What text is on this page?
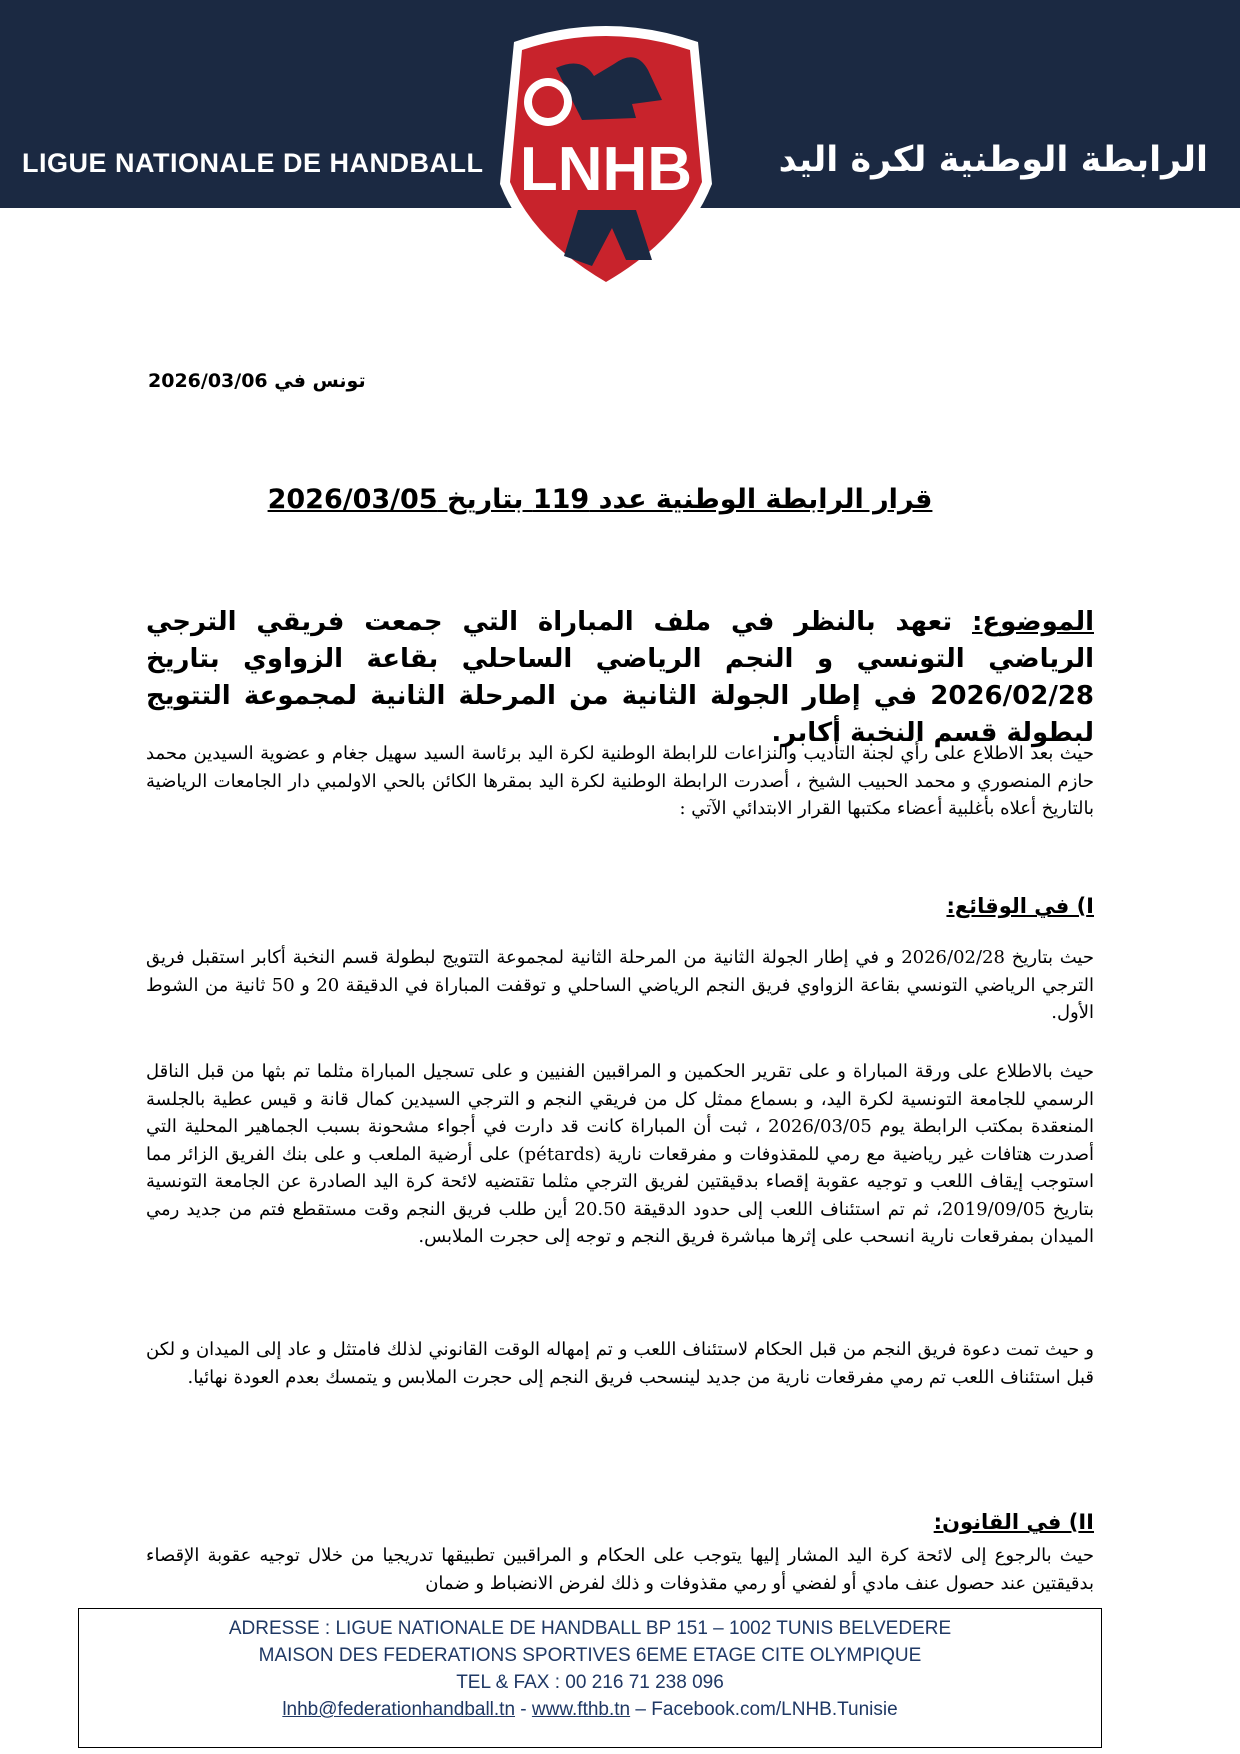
LIGUE NATIONALE DE HANDBALL	الرابطة الوطنية لكرة اليد
LNHB
تونس في 2026/03/06
قرار الرابطة الوطنية عدد 119 بتاريخ 2026/03/05
الموضوع: تعهد بالنظر في ملف المباراة التي جمعت فريقي الترجي الرياضي التونسي و النجم الرياضي الساحلي بقاعة الزواوي بتاريخ 2026/02/28 في إطار الجولة الثانية من المرحلة الثانية لمجموعة التتويج لبطولة قسم النخبة أكابر.
حيث بعد الاطلاع على رأي لجنة التأديب والنزاعات للرابطة الوطنية لكرة اليد برئاسة السيد سهيل جغام و عضوية السيدين محمد حازم المنصوري و محمد الحبيب الشيخ ، أصدرت الرابطة الوطنية لكرة اليد بمقرها الكائن بالحي الاولمبي دار الجامعات الرياضية بالتاريخ أعلاه بأغلبية أعضاء مكتبها القرار الابتدائي الآتي :
I) في الوقائع:
حيث بتاريخ 2026/02/28 و في إطار الجولة الثانية من المرحلة الثانية لمجموعة التتويج لبطولة قسم النخبة أكابر استقبل فريق الترجي الرياضي التونسي بقاعة الزواوي فريق النجم الرياضي الساحلي و توقفت المباراة في الدقيقة 20 و 50 ثانية من الشوط الأول.
حيث بالاطلاع على ورقة المباراة و على تقرير الحكمين و المراقبين الفنيين و على تسجيل المباراة مثلما تم بثها من قبل الناقل الرسمي للجامعة التونسية لكرة اليد، و بسماع ممثل كل من فريقي النجم و الترجي السيدين كمال قانة و قيس عطية بالجلسة المنعقدة بمكتب الرابطة يوم 2026/03/05 ، ثبت أن المباراة كانت قد دارت في أجواء مشحونة بسبب الجماهير المحلية التي أصدرت هتافات غير رياضية مع رمي للمقذوفات و مفرقعات نارية (pétards) على أرضية الملعب و على بنك الفريق الزائر مما استوجب إيقاف اللعب و توجيه عقوبة إقصاء بدقيقتين لفريق الترجي مثلما تقتضيه لائحة كرة اليد الصادرة عن الجامعة التونسية بتاريخ 2019/09/05، ثم تم استئناف اللعب إلى حدود الدقيقة 20.50 أين طلب فريق النجم وقت مستقطع فتم من جديد رمي الميدان بمفرقعات نارية انسحب على إثرها مباشرة فريق النجم و توجه إلى حجرت الملابس.
و حيث تمت دعوة فريق النجم من قبل الحكام لاستئناف اللعب و تم إمهاله الوقت القانوني لذلك فامتثل و عاد إلى الميدان و لكن قبل استئناف اللعب تم رمي مفرقعات نارية من جديد لينسحب فريق النجم إلى حجرت الملابس و يتمسك بعدم العودة نهائيا.
II) في القانون:
حيث بالرجوع إلى لائحة كرة اليد المشار إليها يتوجب على الحكام و المراقبين تطبيقها تدريجيا من خلال توجيه عقوبة الإقصاء بدقيقتين عند حصول عنف مادي أو لفضي أو رمي مقذوفات و ذلك لفرض الانضباط و ضمان
ADRESSE : LIGUE NATIONALE DE HANDBALL BP 151 – 1002 TUNIS BELVEDERE
MAISON DES FEDERATIONS SPORTIVES 6EME ETAGE CITE OLYMPIQUE
TEL & FAX : 00 216 71 238 096
lnhb@federationhandball.tn - www.fthb.tn – Facebook.com/LNHB.Tunisie
